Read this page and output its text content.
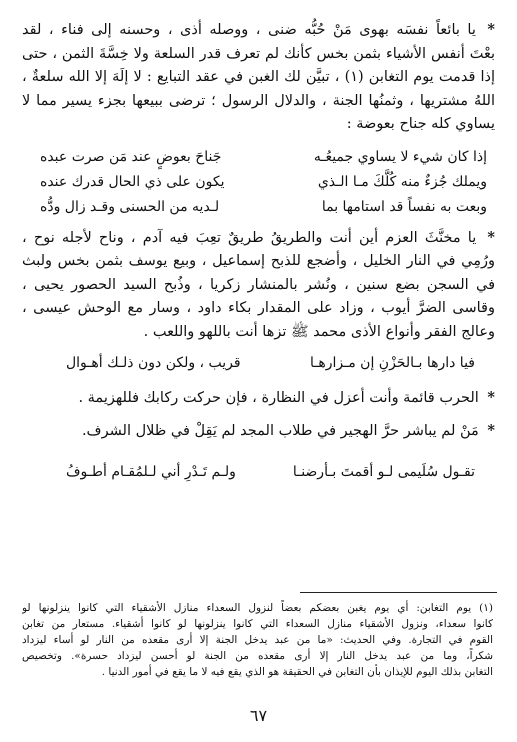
* يا بائعاً نفسَه بهوى مَنْ حُبُّه ضنى ، ووصله أذى ، وحسنه إلى فناء ، لقد
بعْتَ أنفس الأشياء بثمن بخس كأنك لم تعرف قدر السلعة ولا خِسَّةَ الثمن ، حتى
إذا قدمت يوم التغابن (١) ، تبيَّن لك الغبن في عقد التبايع : لا إلَهَ إلا الله سلعةٌ ،
اللهُ مشتريها ، وثمنُها الجنة ، والدلال الرسول ؛ ترضى ببيعها بجزء يسير مما لا
يساوي كله جناح بعوضة :
إذا كان شيء لا يساوي جميعُـه
جَناحَ بعوضٍ عند مَن صرت عبده
ويملك جُزءٌ منه كُلَّكَ مـا الـذي
يكون على ذي الحال قدرك عنده
وبعت به نفساً قد استامها بما
لـديه من الحسنى وقـد زال ودُّه
* يا مخنَّثَ العزم أين أنت والطريقُ طريقٌ تعِبَ فيه آدم ، وناح لأجله نوح ،
ورُمِي في النار الخليل ، وأُضجع للذبح إسماعيل ، وبيع يوسف بثمن بخس ولبث
في السجن بضع سنين ، ونُشر بالمنشار زكريا ، وذُبح السيد الحصور يحيى ،
وقاسى الضرَّ أيوب ، وزاد على المقدار بكاء داود ، وسار مع الوحش عيسى ،
وعالج الفقر وأنواع الأذى محمد ﷺ تزها أنت باللهو واللعب .
فيا دارها بـالحَزْنِ إن مـزارهـا
قريب ، ولكن دون ذلـك أهـوال
* الحرب قائمة وأنت أعزل في النظارة ، فإن حركت ركابك فللهزيمة .
* مَنْ لم يباشر حرَّ الهجير في طلاب المجد لم يَقِلْ في ظلال الشرف.
تقـول سُلَيمى لـو أقمتَ بـأرضنـا
ولـم تَـدْرِ أني لـلمُقـام أطـوفُ
(١) يوم التغابن: أي يوم يغبن بعضكم بعضاً لنزول السعداء منازل الأشقياء التي كانوا ينزلونها لو
كانوا سعداء، ونزول الأشقياء منازل السعداء التي كانوا ينزلونها لو كانوا أشقياء. مستعار من تغابن
القوم في التجارة. وفي الحديث: «ما من عبد يدخل الجنة إلا أرى مقعده من النار لو أساء ليزداد
شكراً، وما من عبد يدخل النار إلا أرى مقعده من الجنة لو أحسن ليزداد حسرة». وتخصيص
التغابن بذلك اليوم للإيذان بأن التغابن في الحقيقة هو الذي يقع فيه لا ما يقع في أمور الدنيا .
٦٧
